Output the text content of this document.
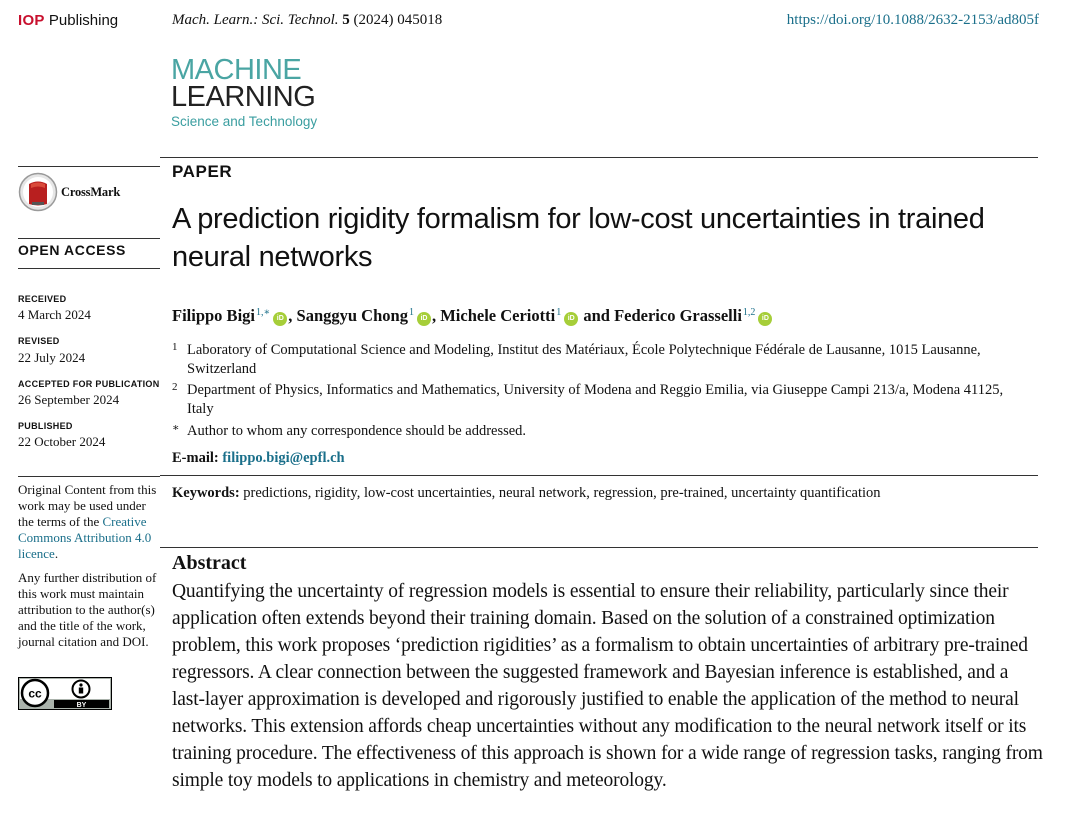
IOP Publishing	Mach. Learn.: Sci. Technol. 5 (2024) 045018	https://doi.org/10.1088/2632-2153/ad805f
MACHINE
LEARNING
Science and Technology
CrossMark
OPEN ACCESS
RECEIVED
4 March 2024
REVISED
22 July 2024
ACCEPTED FOR PUBLICATION
26 September 2024
PUBLISHED
22 October 2024
Original Content from this work may be used under the terms of the Creative Commons Attribution 4.0 licence.
Any further distribution of this work must maintain attribution to the author(s) and the title of the work, journal citation and DOI.
cc
BY
PAPER
A prediction rigidity formalism for low-cost uncertainties in trained neural networks
Filippo Bigi$^{1,∗}$iD , Sanggyu Chong$^1$iD , Michele Ceriotti$^1$iD and Federico Grasselli$^{1,2}$iD
1 Laboratory of Computational Science and Modeling, Institut des Matériaux, École Polytechnique Fédérale de Lausanne, 1015 Lausanne, Switzerland
2 Department of Physics, Informatics and Mathematics, University of Modena and Reggio Emilia, via Giuseppe Campi 213/a, Modena 41125, Italy
∗ Author to whom any correspondence should be addressed.
E-mail: filippo.bigi@epfl.ch
Keywords: predictions, rigidity, low-cost uncertainties, neural network, regression, pre-trained, uncertainty quantification
Abstract
Quantifying the uncertainty of regression models is essential to ensure their reliability, particularly since their application often extends beyond their training domain. Based on the solution of a constrained optimization problem, this work proposes ‘prediction rigidities’ as a formalism to obtain uncertainties of arbitrary pre-trained regressors. A clear connection between the suggested framework and Bayesian inference is established, and a last-layer approximation is developed and rigorously justified to enable the application of the method to neural networks. This extension affords cheap uncertainties without any modification to the neural network itself or its training procedure. The effectiveness of this approach is shown for a wide range of regression tasks, ranging from simple toy models to applications in chemistry and meteorology.
